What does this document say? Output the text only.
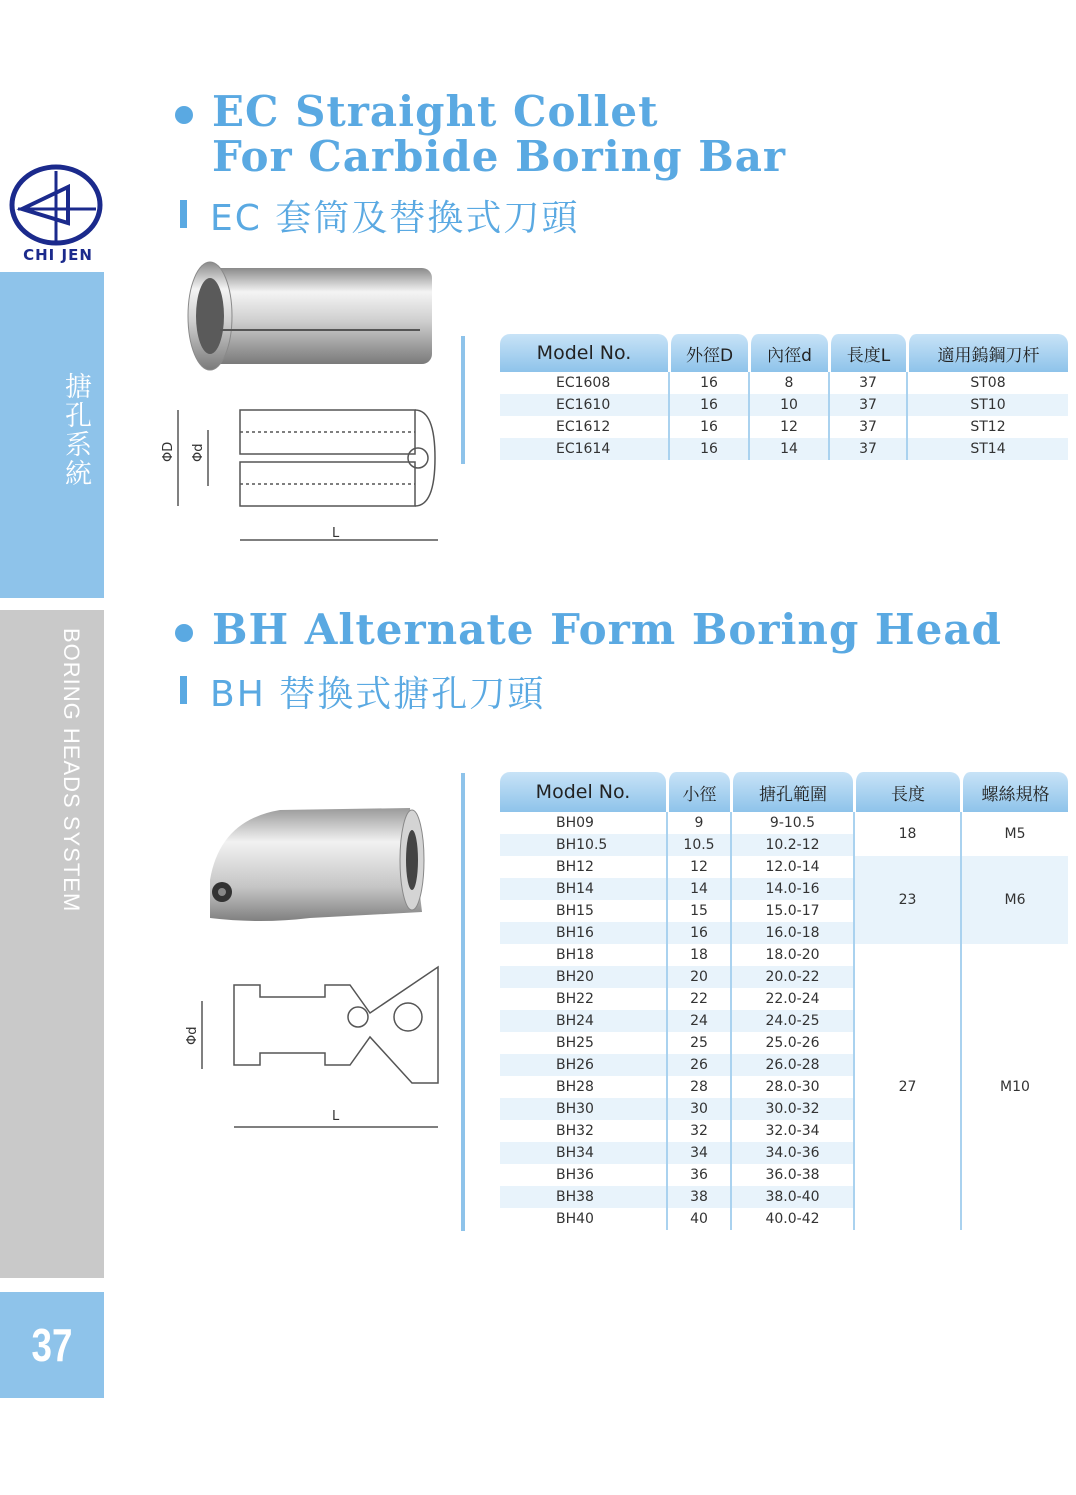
CHI JEN
搪孔系統
BORING HEADS SYSTEM
37
EC Straight Collet
For Carbide Boring Bar
EC 套筒及替換式刀頭
ΦD Φd
L
Model No.	外徑D	內徑d	長度L	適用鎢鋼刀杆
EC1608	16	8	37	ST08
EC1610	16	10	37	ST10
EC1612	16	12	37	ST12
EC1614	16	14	37	ST14
BH Alternate Form Boring Head
BH 替換式搪孔刀頭
Φd
L
Model No.	小徑	搪孔範圍	長度	螺絲規格
BH09	9	9-10.5	18	M5
BH10.5	10.5	10.2-12		
BH12	12	12.0-14	23	M6
BH14	14	14.0-16		
BH15	15	15.0-17		
BH16	16	16.0-18		
BH18	18	18.0-20	27	M10
BH20	20	20.0-22		
BH22	22	22.0-24		
BH24	24	24.0-25		
BH25	25	25.0-26		
BH26	26	26.0-28		
BH28	28	28.0-30		
BH30	30	30.0-32		
BH32	32	32.0-34		
BH34	34	34.0-36		
BH36	36	36.0-38		
BH38	38	38.0-40		
BH40	40	40.0-42		
